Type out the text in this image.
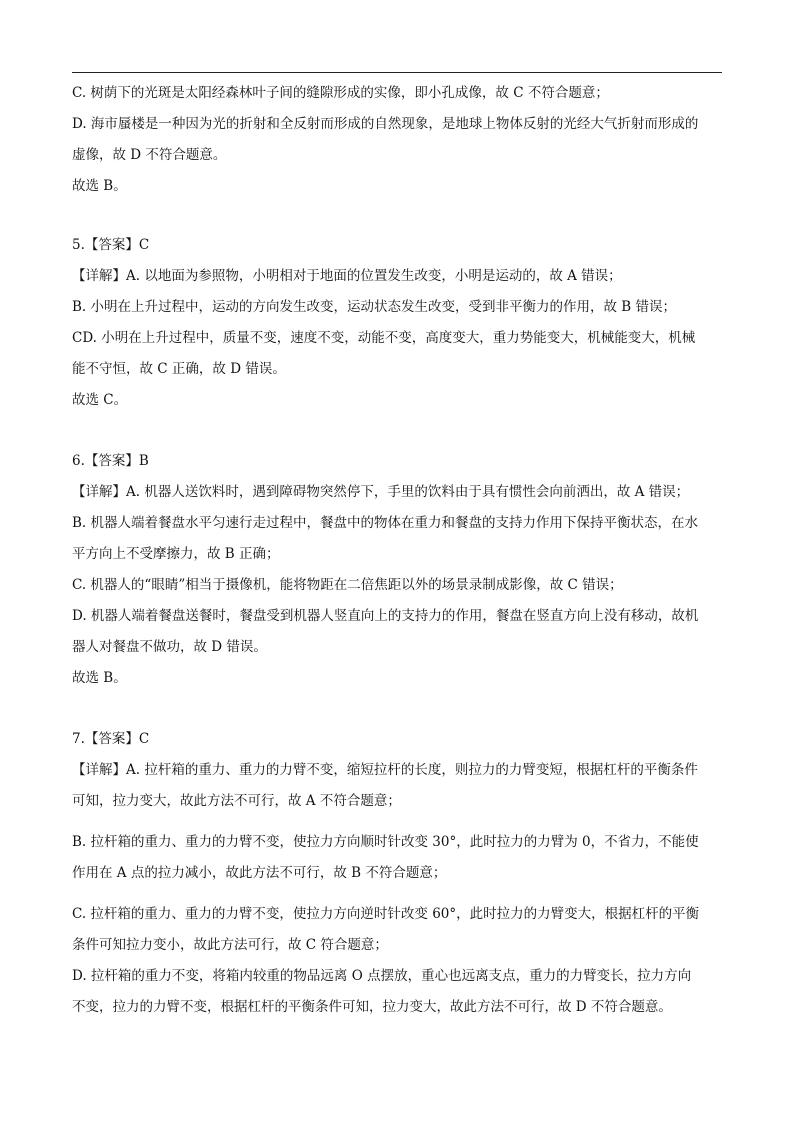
C. 树荫下的光斑是太阳经森林叶子间的缝隙形成的实像，即小孔成像，故 C 不符合题意；
D. 海市蜃楼是一种因为光的折射和全反射而形成的自然现象，是地球上物体反射的光经大气折射而形成的
虚像，故 D 不符合题意。
故选 B。
5.【答案】C
【详解】A. 以地面为参照物，小明相对于地面的位置发生改变，小明是运动的，故 A 错误；
B. 小明在上升过程中，运动的方向发生改变，运动状态发生改变，受到非平衡力的作用，故 B 错误；
CD. 小明在上升过程中，质量不变，速度不变，动能不变，高度变大，重力势能变大，机械能变大，机械
能不守恒，故 C 正确，故 D 错误。
故选 C。
6.【答案】B
【详解】A. 机器人送饮料时，遇到障碍物突然停下，手里的饮料由于具有惯性会向前洒出，故 A 错误；
B. 机器人端着餐盘水平匀速行走过程中，餐盘中的物体在重力和餐盘的支持力作用下保持平衡状态，在水
平方向上不受摩擦力，故 B 正确；
C. 机器人的“眼睛”相当于摄像机，能将物距在二倍焦距以外的场景录制成影像，故 C 错误；
D. 机器人端着餐盘送餐时，餐盘受到机器人竖直向上的支持力的作用，餐盘在竖直方向上没有移动，故机
器人对餐盘不做功，故 D 错误。
故选 B。
7.【答案】C
【详解】A. 拉杆箱的重力、重力的力臂不变，缩短拉杆的长度，则拉力的力臂变短，根据杠杆的平衡条件
可知，拉力变大，故此方法不可行，故 A 不符合题意；
B. 拉杆箱的重力、重力的力臂不变，使拉力方向顺时针改变 30°，此时拉力的力臂为 0，不省力，不能使
作用在 A 点的拉力减小，故此方法不可行，故 B 不符合题意；
C. 拉杆箱的重力、重力的力臂不变，使拉力方向逆时针改变 60°，此时拉力的力臂变大，根据杠杆的平衡
条件可知拉力变小，故此方法可行，故 C 符合题意；
D. 拉杆箱的重力不变，将箱内较重的物品远离 O 点摆放，重心也远离支点，重力的力臂变长，拉力方向
不变，拉力的力臂不变，根据杠杆的平衡条件可知，拉力变大，故此方法不可行，故 D 不符合题意。
